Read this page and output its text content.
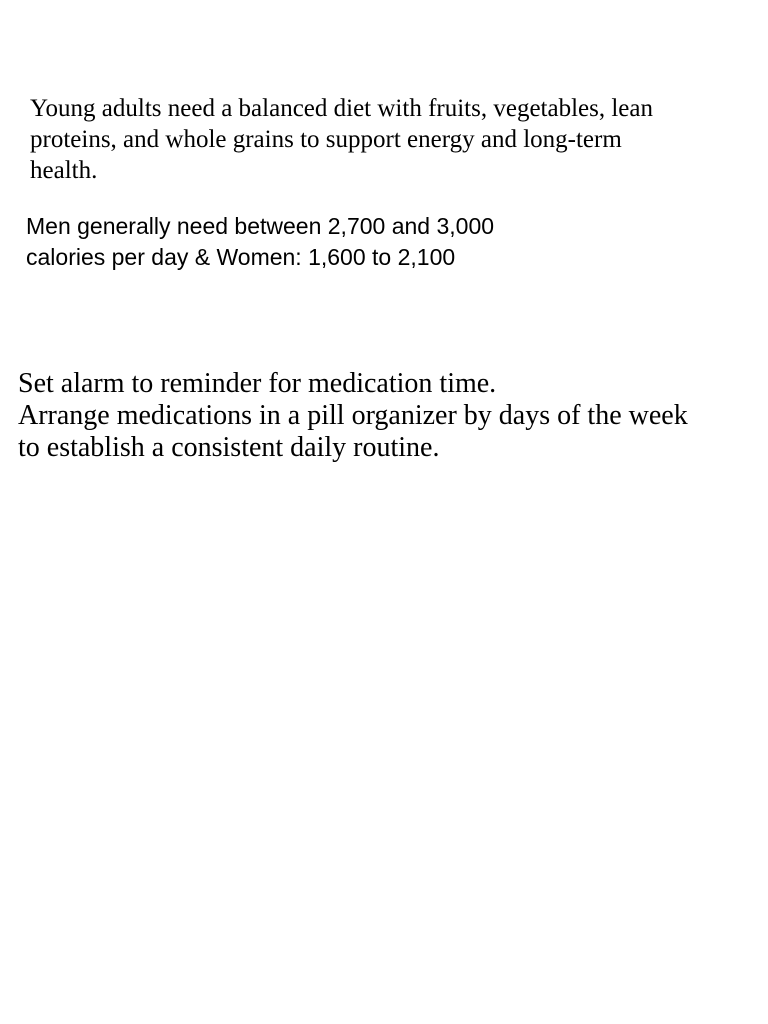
Young adults need a balanced diet with fruits, vegetables, lean
proteins, and whole grains to support energy and long-term
health.

Men generally need between 2,700 and 3,000
calories per day & Women: 1,600 to 2,100

Set alarm to reminder for medication time.
Arrange medications in a pill organizer by days of the week
to establish a consistent daily routine.
